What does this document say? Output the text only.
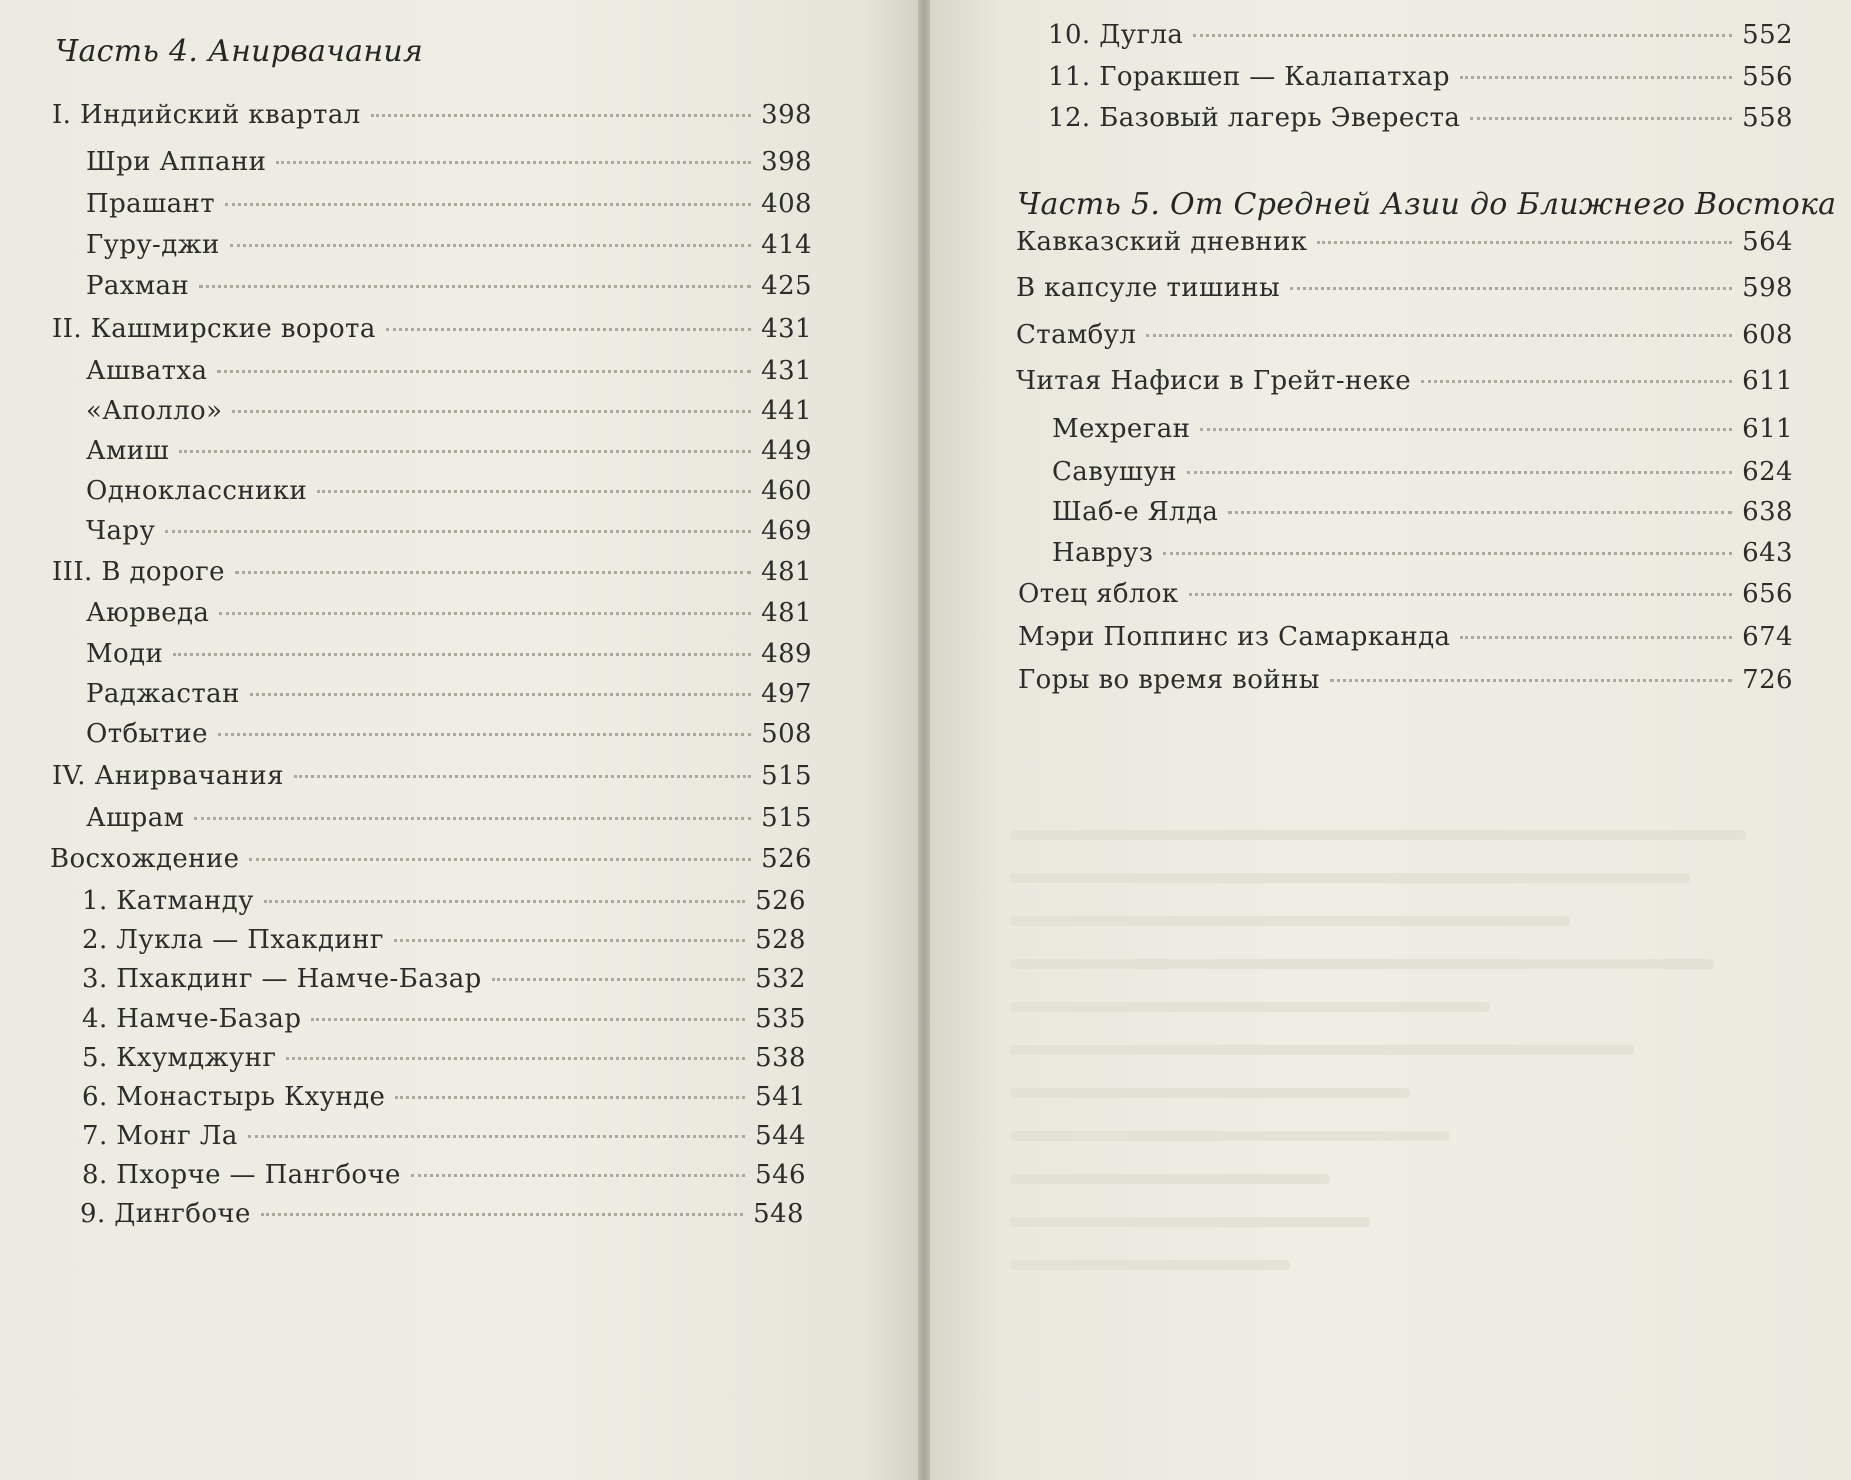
Часть 4. Анирвачания
I. Индийский квартал	398
Шри Аппани	398
Прашант	408
Гуру-джи	414
Рахман	425
II. Кашмирские ворота	431
Ашватха	431
«Аполло»	441
Амиш	449
Одноклассники	460
Чару	469
III. В дороге	481
Аюрведа	481
Моди	489
Раджастан	497
Отбытие	508
IV. Анирвачания	515
Ашрам	515
Восхождение	526
1. Катманду	526
2. Лукла — Пхакдинг	528
3. Пхакдинг — Намче-Базар	532
4. Намче-Базар	535
5. Кхумджунг	538
6. Монастырь Кхунде	541
7. Монг Ла	544
8. Пхорче — Пангбоче	546
9. Дингбоче	548
10. Дугла	552
11. Горакшеп — Калапатхар	556
12. Базовый лагерь Эвереста	558
Часть 5. От Средней Азии до Ближнего Востока
Кавказский дневник	564
В капсуле тишины	598
Стамбул	608
Читая Нафиси в Грейт-неке	611
Мехреган	611
Савушун	624
Шаб-е Ялда	638
Навруз	643
Отец яблок	656
Мэри Поппинс из Самарканда	674
Горы во время войны	726
